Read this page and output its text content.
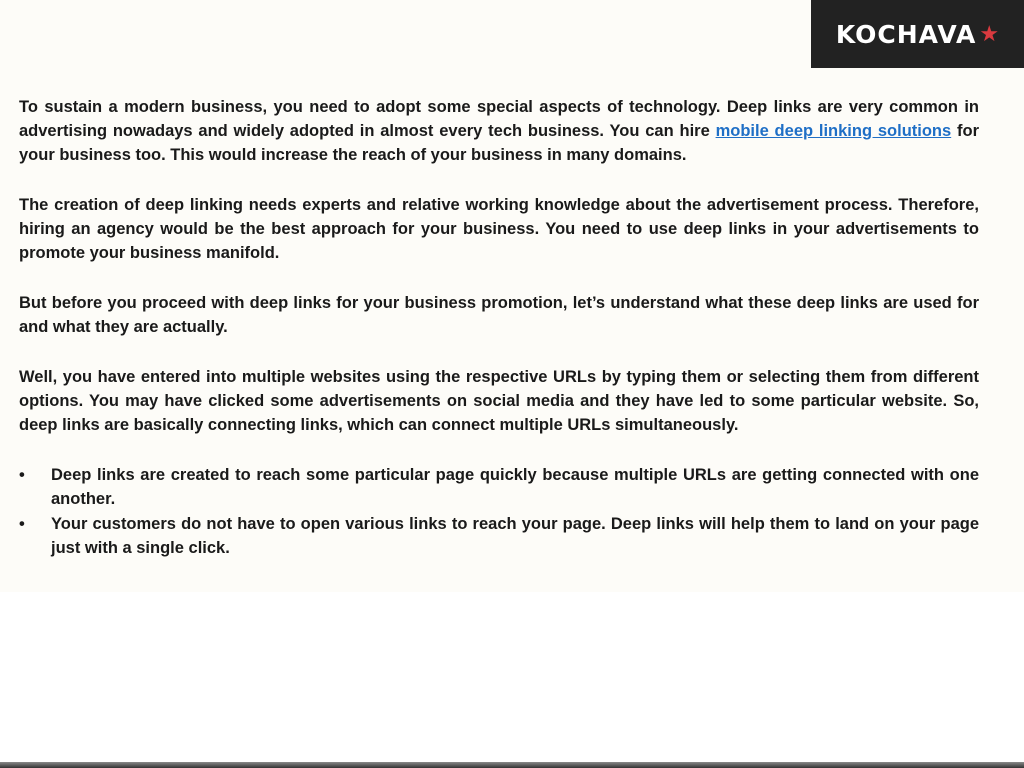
KOCHAVA ★

To sustain a modern business, you need to adopt some special aspects of technology. Deep links are very common in advertising nowadays and widely adopted in almost every tech business. You can hire mobile deep linking solutions for your business too. This would increase the reach of your business in many domains.

The creation of deep linking needs experts and relative working knowledge about the advertisement process. Therefore, hiring an agency would be the best approach for your business. You need to use deep links in your advertisements to promote your business manifold.

But before you proceed with deep links for your business promotion, let’s understand what these deep links are used for and what they are actually.

Well, you have entered into multiple websites using the respective URLs by typing them or selecting them from different options. You may have clicked some advertisements on social media and they have led to some particular website. So, deep links are basically connecting links, which can connect multiple URLs simultaneously.

• Deep links are created to reach some particular page quickly because multiple URLs are getting connected with one another.
• Your customers do not have to open various links to reach your page. Deep links will help them to land on your page just with a single click.
